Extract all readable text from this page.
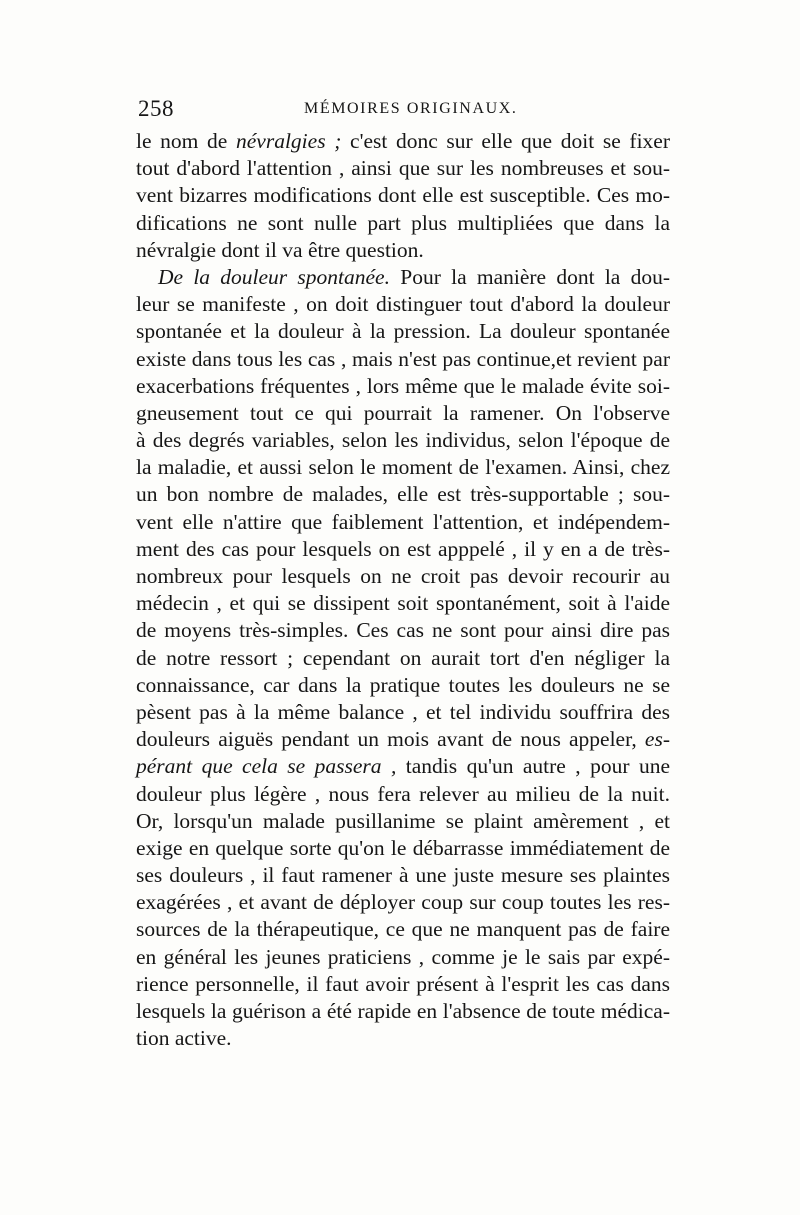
258	MÉMOIRES ORIGINAUX.
le nom de névralgies ; c'est donc sur elle que doit se fixer
tout d'abord l'attention , ainsi que sur les nombreuses et sou-
vent bizarres modifications dont elle est susceptible. Ces mo-
difications ne sont nulle part plus multipliées que dans la
névralgie dont il va être question.
De la douleur spontanée. Pour la manière dont la dou-
leur se manifeste , on doit distinguer tout d'abord la douleur
spontanée et la douleur à la pression. La douleur spontanée
existe dans tous les cas , mais n'est pas continue,et revient par
exacerbations fréquentes , lors même que le malade évite soi-
gneusement tout ce qui pourrait la ramener. On l'observe
à des degrés variables, selon les individus, selon l'époque de
la maladie, et aussi selon le moment de l'examen. Ainsi, chez
un bon nombre de malades, elle est très-supportable ; sou-
vent elle n'attire que faiblement l'attention, et indépendem-
ment des cas pour lesquels on est apppelé , il y en a de très-
nombreux pour lesquels on ne croit pas devoir recourir au
médecin , et qui se dissipent soit spontanément, soit à l'aide
de moyens très-simples. Ces cas ne sont pour ainsi dire pas
de notre ressort ; cependant on aurait tort d'en négliger la
connaissance, car dans la pratique toutes les douleurs ne se
pèsent pas à la même balance , et tel individu souffrira des
douleurs aiguës pendant un mois avant de nous appeler, es-
pérant que cela se passera , tandis qu'un autre , pour une
douleur plus légère , nous fera relever au milieu de la nuit.
Or, lorsqu'un malade pusillanime se plaint amèrement , et
exige en quelque sorte qu'on le débarrasse immédiatement de
ses douleurs , il faut ramener à une juste mesure ses plaintes
exagérées , et avant de déployer coup sur coup toutes les res-
sources de la thérapeutique, ce que ne manquent pas de faire
en général les jeunes praticiens , comme je le sais par expé-
rience personnelle, il faut avoir présent à l'esprit les cas dans
lesquels la guérison a été rapide en l'absence de toute médica-
tion active.
